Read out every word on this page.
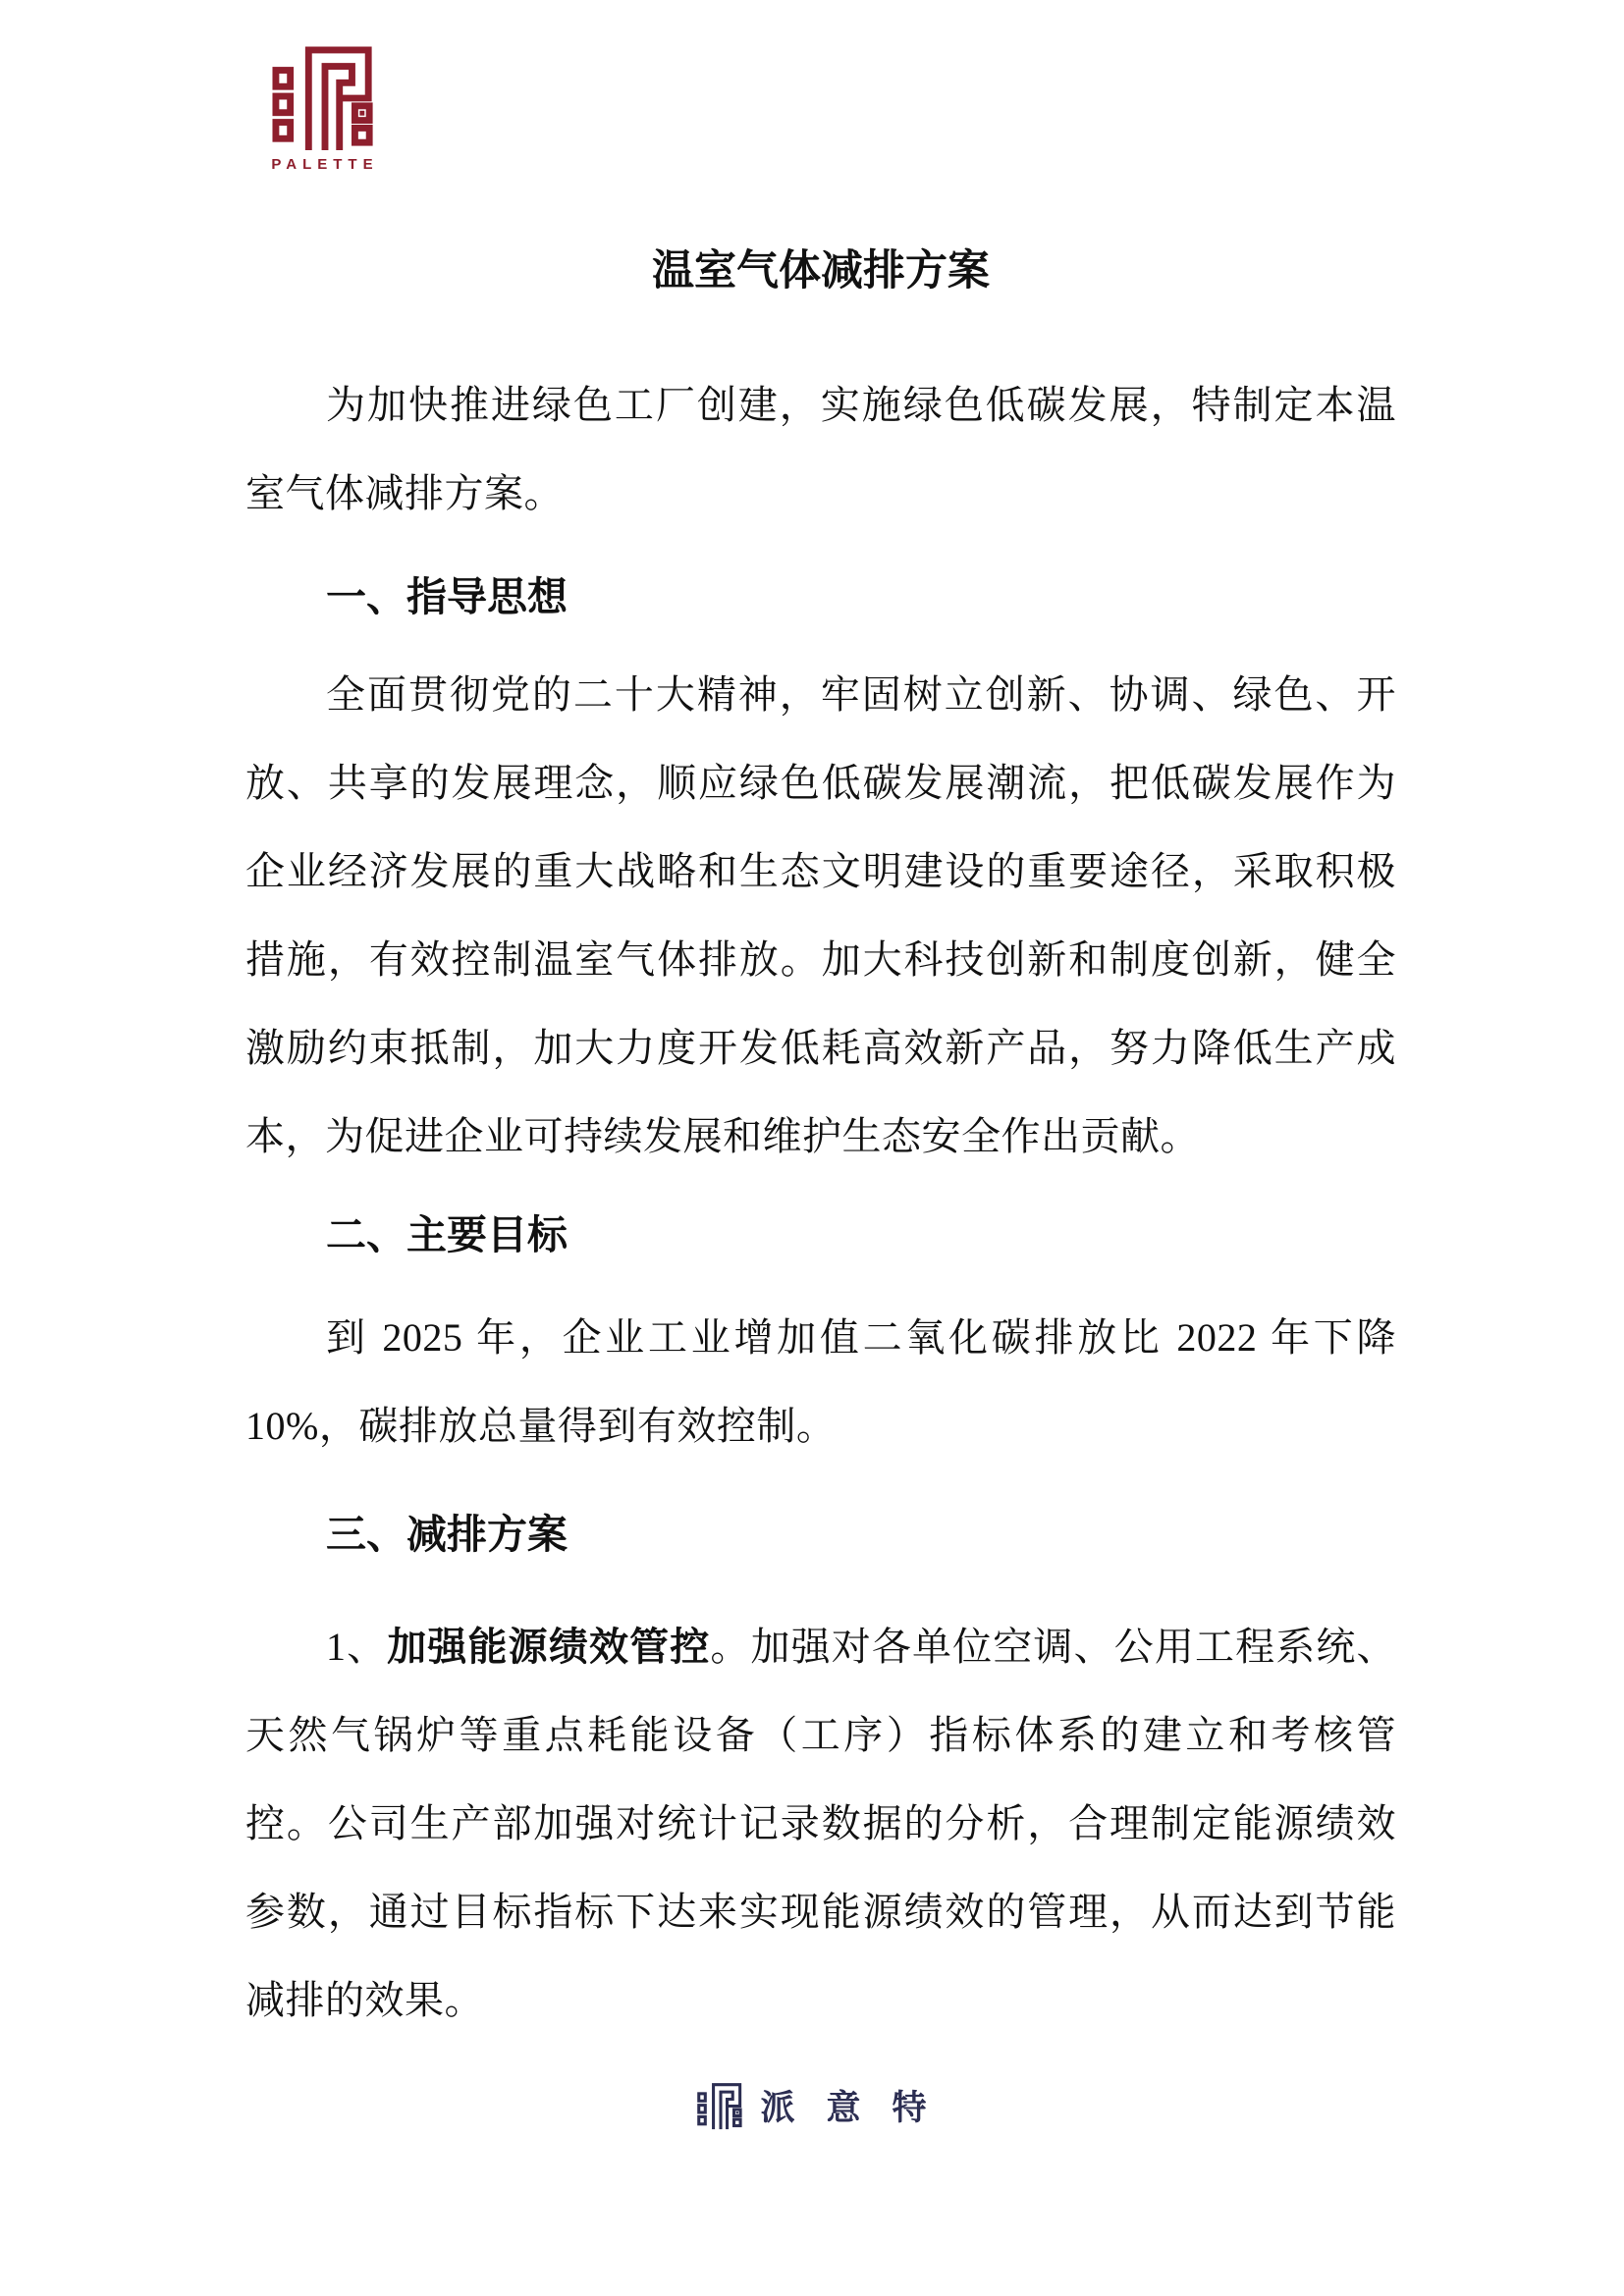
PALETTE
温室气体减排方案

为加快推进绿色工厂创建，实施绿色低碳发展，特制定本温室气体减排方案。

一、指导思想

全面贯彻党的二十大精神，牢固树立创新、协调、绿色、开放、共享的发展理念，顺应绿色低碳发展潮流，把低碳发展作为企业经济发展的重大战略和生态文明建设的重要途径，采取积极措施，有效控制温室气体排放。加大科技创新和制度创新，健全激励约束抵制，加大力度开发低耗高效新产品，努力降低生产成本，为促进企业可持续发展和维护生态安全作出贡献。

二、主要目标

到 2025 年，企业工业增加值二氧化碳排放比 2022 年下降 10%，碳排放总量得到有效控制。

三、减排方案

1、加强能源绩效管控。加强对各单位空调、公用工程系统、天然气锅炉等重点耗能设备（工序）指标体系的建立和考核管控。公司生产部加强对统计记录数据的分析，合理制定能源绩效参数，通过目标指标下达来实现能源绩效的管理，从而达到节能减排的效果。

派意特
